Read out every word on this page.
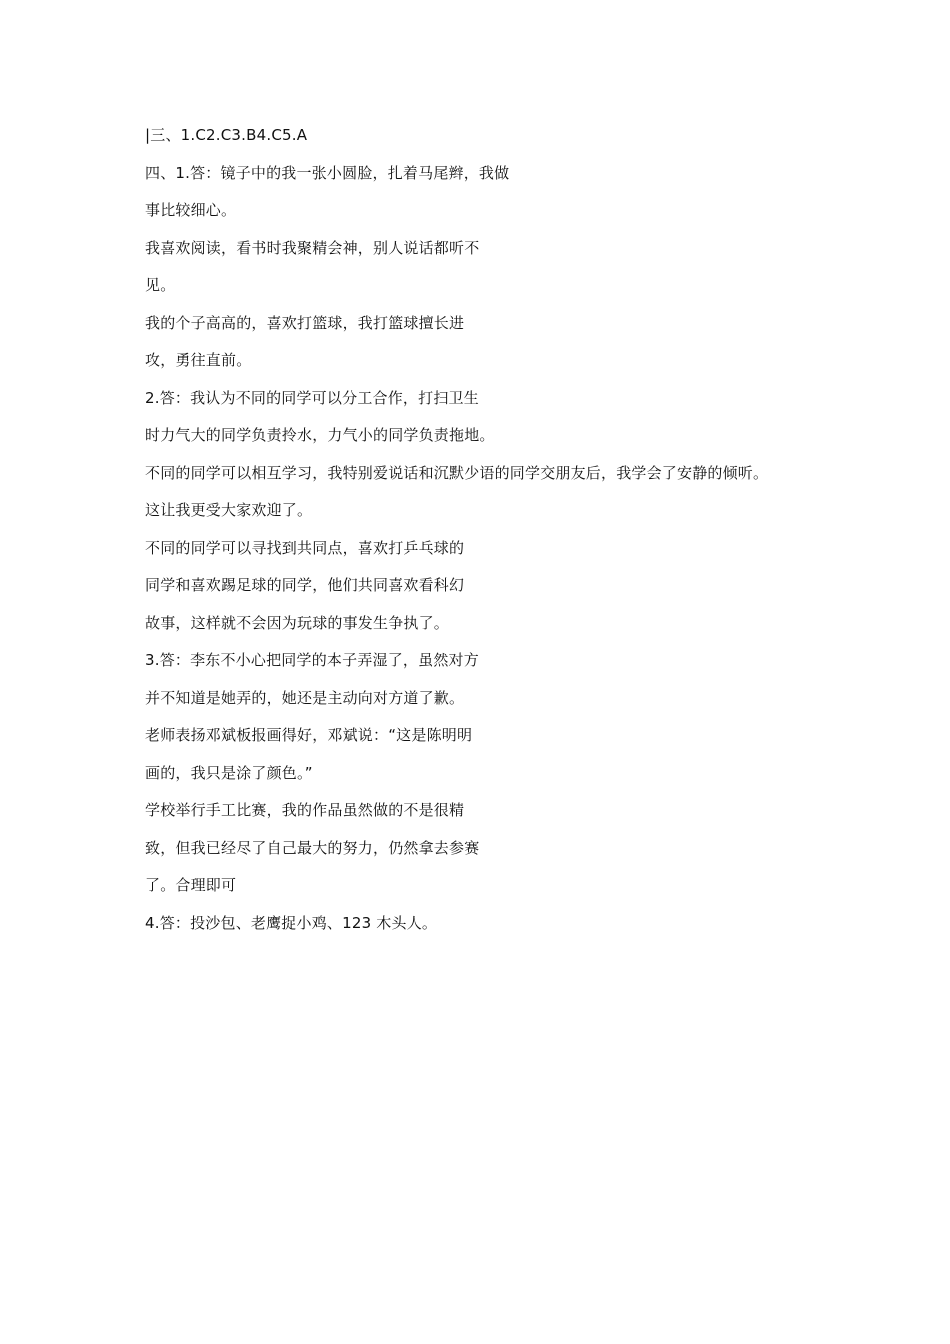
|三、1.C2.C3.B4.C5.A
四、1.答：镜子中的我一张小圆脸，扎着马尾辫，我做
事比较细心。
我喜欢阅读，看书时我聚精会神，别人说话都听不
见。
我的个子高高的，喜欢打篮球，我打篮球擅长进
攻，勇往直前。
2.答：我认为不同的同学可以分工合作，打扫卫生
时力气大的同学负责拎水，力气小的同学负责拖地。
不同的同学可以相互学习，我特别爱说话和沉默少语的同学交朋友后，我学会了安静的倾听。
这让我更受大家欢迎了。
不同的同学可以寻找到共同点，喜欢打乒乓球的
同学和喜欢踢足球的同学，他们共同喜欢看科幻
故事，这样就不会因为玩球的事发生争执了。
3.答：李东不小心把同学的本子弄湿了，虽然对方
并不知道是她弄的，她还是主动向对方道了歉。
老师表扬邓斌板报画得好，邓斌说：“这是陈明明
画的，我只是涂了颜色。”
学校举行手工比赛，我的作品虽然做的不是很精
致，但我已经尽了自己最大的努力，仍然拿去参赛
了。合理即可
4.答：投沙包、老鹰捉小鸡、123 木头人。
